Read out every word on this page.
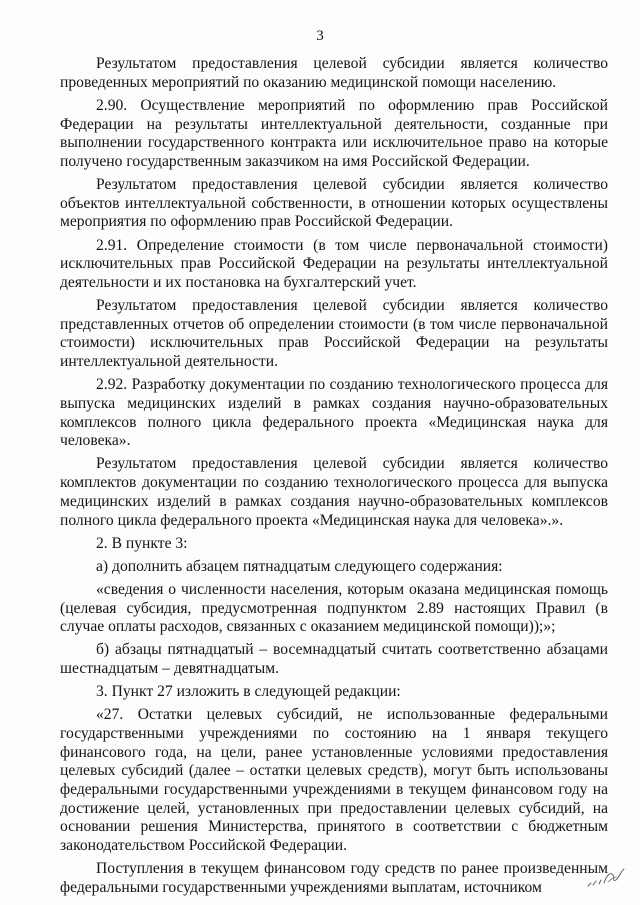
3

Результатом предоставления целевой субсидии является количество проведенных мероприятий по оказанию медицинской помощи населению.

2.90. Осуществление мероприятий по оформлению прав Российской Федерации на результаты интеллектуальной деятельности, созданные при выполнении государственного контракта или исключительное право на которые получено государственным заказчиком на имя Российской Федерации.

Результатом предоставления целевой субсидии является количество объектов интеллектуальной собственности, в отношении которых осуществлены мероприятия по оформлению прав Российской Федерации.

2.91. Определение стоимости (в том числе первоначальной стоимости) исключительных прав Российской Федерации на результаты интеллектуальной деятельности и их постановка на бухгалтерский учет.

Результатом предоставления целевой субсидии является количество представленных отчетов об определении стоимости (в том числе первоначальной стоимости) исключительных прав Российской Федерации на результаты интеллектуальной деятельности.

2.92. Разработку документации по созданию технологического процесса для выпуска медицинских изделий в рамках создания научно-образовательных комплексов полного цикла федерального проекта «Медицинская наука для человека».

Результатом предоставления целевой субсидии является количество комплектов документации по созданию технологического процесса для выпуска медицинских изделий в рамках создания научно-образовательных комплексов полного цикла федерального проекта «Медицинская наука для человека».».

2. В пункте 3:

а) дополнить абзацем пятнадцатым следующего содержания:

«сведения о численности населения, которым оказана медицинская помощь (целевая субсидия, предусмотренная подпунктом 2.89 настоящих Правил (в случае оплаты расходов, связанных с оказанием медицинской помощи));»;

б) абзацы пятнадцатый – восемнадцатый считать соответственно абзацами шестнадцатым – девятнадцатым.

3. Пункт 27 изложить в следующей редакции:

«27. Остатки целевых субсидий, не использованные федеральными государственными учреждениями по состоянию на 1 января текущего финансового года, на цели, ранее установленные условиями предоставления целевых субсидий (далее – остатки целевых средств), могут быть использованы федеральными государственными учреждениями в текущем финансовом году на достижение целей, установленных при предоставлении целевых субсидий, на основании решения Министерства, принятого в соответствии с бюджетным законодательством Российской Федерации.

Поступления в текущем финансовом году средств по ранее произведенным федеральными государственными учреждениями выплатам, источником
